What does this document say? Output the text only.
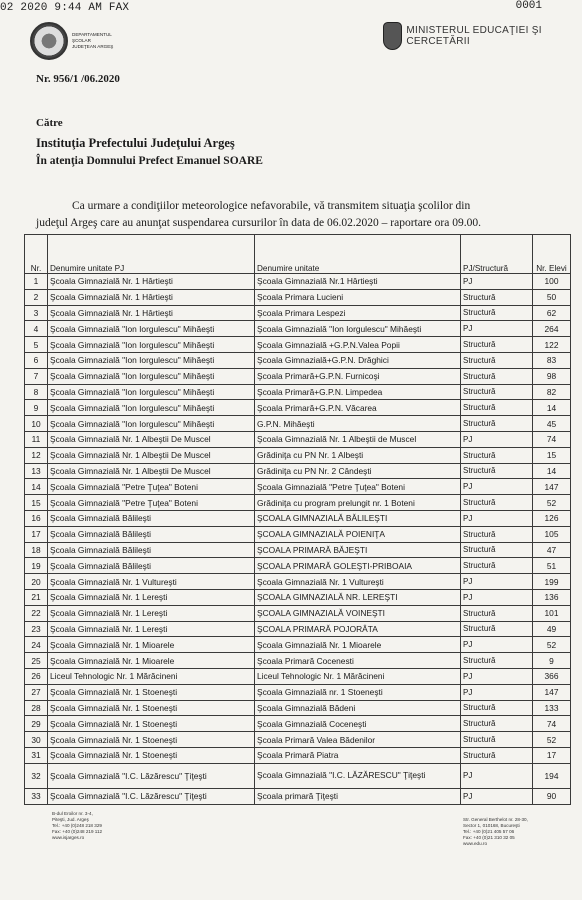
02 2020 9:44 AM FAX	0001
DEPARTAMENTUL ŞCOLAR
JUDEŢEAN ARGEŞ
MINISTERUL EDUCAŢIEI ŞI CERCETĂRII
Nr. 956/1 /06.2020
Către
Instituţia Prefectului Judeţului Argeş
În atenţia Domnului Prefect Emanuel SOARE

Ca urmare a condiţiilor meteorologice nefavorabile, vă transmitem situaţia şcolilor din

judeţul Argeş care au anunţat suspendarea cursurilor în data de 06.02.2020 – raportare ora 09.00.

Nr.	Denumire unitate PJ	Denumire unitate	PJ/Structură	Nr. Elevi
1	Şcoala Gimnazială Nr. 1 Hârtieşti	Şcoala Gimnazială Nr.1 Hârtieşti	PJ	100
2	Şcoala Gimnazială Nr. 1 Hârtieşti	Şcoala Primara Lucieni	Structură	50
3	Şcoala Gimnazială Nr. 1 Hârtieşti	Şcoala Primara Lespezi	Structură	62
4	Şcoala Gimnazială "Ion Iorgulescu" Mihăeşti	Şcoala Gimnazială "Ion Iorgulescu" Mihăeşti	PJ	264
5	Şcoala Gimnazială "Ion Iorgulescu" Mihăeşti	Şcoala Gimnazială +G.P.N.Valea Popii	Structură	122
6	Şcoala Gimnazială "Ion Iorgulescu" Mihăeşti	Şcoala Gimnazială+G.P.N. Drăghici	Structură	83
7	Şcoala Gimnazială "Ion Iorgulescu" Mihăeşti	Şcoala Primară+G.P.N. Furnicoşi	Structură	98
8	Şcoala Gimnazială "Ion Iorgulescu" Mihăeşti	Şcoala Primară+G.P.N. Limpedea	Structură	82
9	Şcoala Gimnazială "Ion Iorgulescu" Mihăeşti	Şcoala Primară+G.P.N. Văcarea	Structură	14
10	Şcoala Gimnazială "Ion Iorgulescu" Mihăeşti	G.P.N. Mihăeşti	Structură	45
11	Şcoala Gimnazială Nr. 1 Albeştii De Muscel	Şcoala Gimnazială Nr. 1 Albeştii de Muscel	PJ	74
12	Şcoala Gimnazială Nr. 1 Albeştii De Muscel	Grădiniţa cu PN Nr. 1 Albeşti	Structură	15
13	Şcoala Gimnazială Nr. 1 Albeştii De Muscel	Grădiniţa cu PN Nr. 2 Cândeşti	Structură	14
14	Şcoala Gimnazială "Petre Ţuţea" Boteni	Şcoala Gimnazială "Petre Ţuţea" Boteni	PJ	147
15	Şcoala Gimnazială "Petre Ţuţea" Boteni	Grădiniţa cu program prelungit nr. 1 Boteni	Structură	52
16	Şcoala Gimnazială Bălileşti	ŞCOALA GIMNAZIALĂ BĂLILEŞTI	PJ	126
17	Şcoala Gimnazială Bălileşti	ŞCOALA GIMNAZIALĂ POIENIŢA	Structură	105
18	Şcoala Gimnazială Bălileşti	ŞCOALA PRIMARĂ BĂJEŞTI	Structură	47
19	Şcoala Gimnazială Bălileşti	ŞCOALA PRIMARĂ GOLEŞTI-PRIBOAIA	Structură	51
20	Şcoala Gimnazială Nr. 1 Vultureşti	Şcoala Gimnazială Nr. 1 Vultureşti	PJ	199
21	Şcoala Gimnazială Nr. 1 Lereşti	ŞCOALA GIMNAZIALĂ NR. LEREŞTI	PJ	136
22	Şcoala Gimnazială Nr. 1 Lereşti	ŞCOALA GIMNAZIALĂ VOINEŞTI	Structură	101
23	Şcoala Gimnazială Nr. 1 Lereşti	ŞCOALA PRIMARĂ POJORÂTA	Structură	49
24	Şcoala Gimnazială Nr. 1 Mioarele	Şcoala Gimnazială Nr. 1 Mioarele	PJ	52
25	Şcoala Gimnazială Nr. 1 Mioarele	Şcoala Primară Cocenesti	Structură	9
26	Liceul Tehnologic Nr. 1 Mărăcineni	Liceul Tehnologic Nr. 1 Mărăcineni	PJ	366
27	Şcoala Gimnazială Nr. 1 Stoeneşti	Şcoala Gimnazială nr. 1 Stoeneşti	PJ	147
28	Şcoala Gimnazială Nr. 1 Stoeneşti	Şcoala Gimnazială Bădeni	Structură	133
29	Şcoala Gimnazială Nr. 1 Stoeneşti	Şcoala Gimnazială Coceneşti	Structură	74
30	Şcoala Gimnazială Nr. 1 Stoeneşti	Şcoala Primară Valea Bădenilor	Structură	52
31	Şcoala Gimnazială Nr. 1 Stoeneşti	Şcoala Primară Piatra	Structură	17
32	Şcoala Gimnazială "I.C. Lăzărescu" Ţiţeşti	Şcoala Gimnazială "I.C. LĂZĂRESCU" Ţiţeşti	PJ	194
33	Şcoala Gimnazială "I.C. Lăzărescu" Ţiţeşti	Şcoala primară Ţiţeşti	PJ	90
B-dul Eroilor nr. 3-4,
Piteşti, Jud. Argeş
Tel.: +40 (0)248 218 329
Fax: +40 (0)248 219 112
www.isjarges.ro
Str. General Berthelot nr. 28-30,
Sector 1, 010168, Bucureşti
Tel.: +40 (0)21 405 57 06
Fax: +40 (0)21 310 32 05
www.edu.ro
